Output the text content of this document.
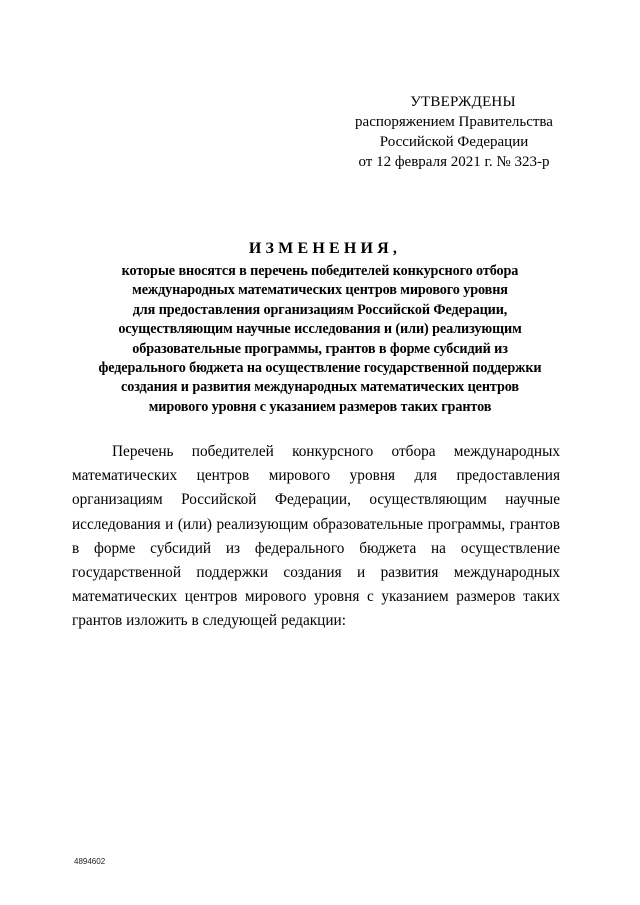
УТВЕРЖДЕНЫ
распоряжением Правительства
Российской Федерации
от 12 февраля 2021 г. № 323-р
ИЗМЕНЕНИЯ,
которые вносятся в перечень победителей конкурсного отбора
международных математических центров мирового уровня
для предоставления организациям Российской Федерации,
осуществляющим научные исследования и (или) реализующим
образовательные программы, грантов в форме субсидий из
федерального бюджета на осуществление государственной поддержки
создания и развития международных математических центров
мирового уровня с указанием размеров таких грантов
Перечень победителей конкурсного отбора международных
математических центров мирового уровня для предоставления
организациям Российской Федерации, осуществляющим научные
исследования и (или) реализующим образовательные программы, грантов
в форме субсидий из федерального бюджета на осуществление
государственной поддержки создания и развития международных
математических центров мирового уровня с указанием размеров таких
грантов изложить в следующей редакции:
4894602
